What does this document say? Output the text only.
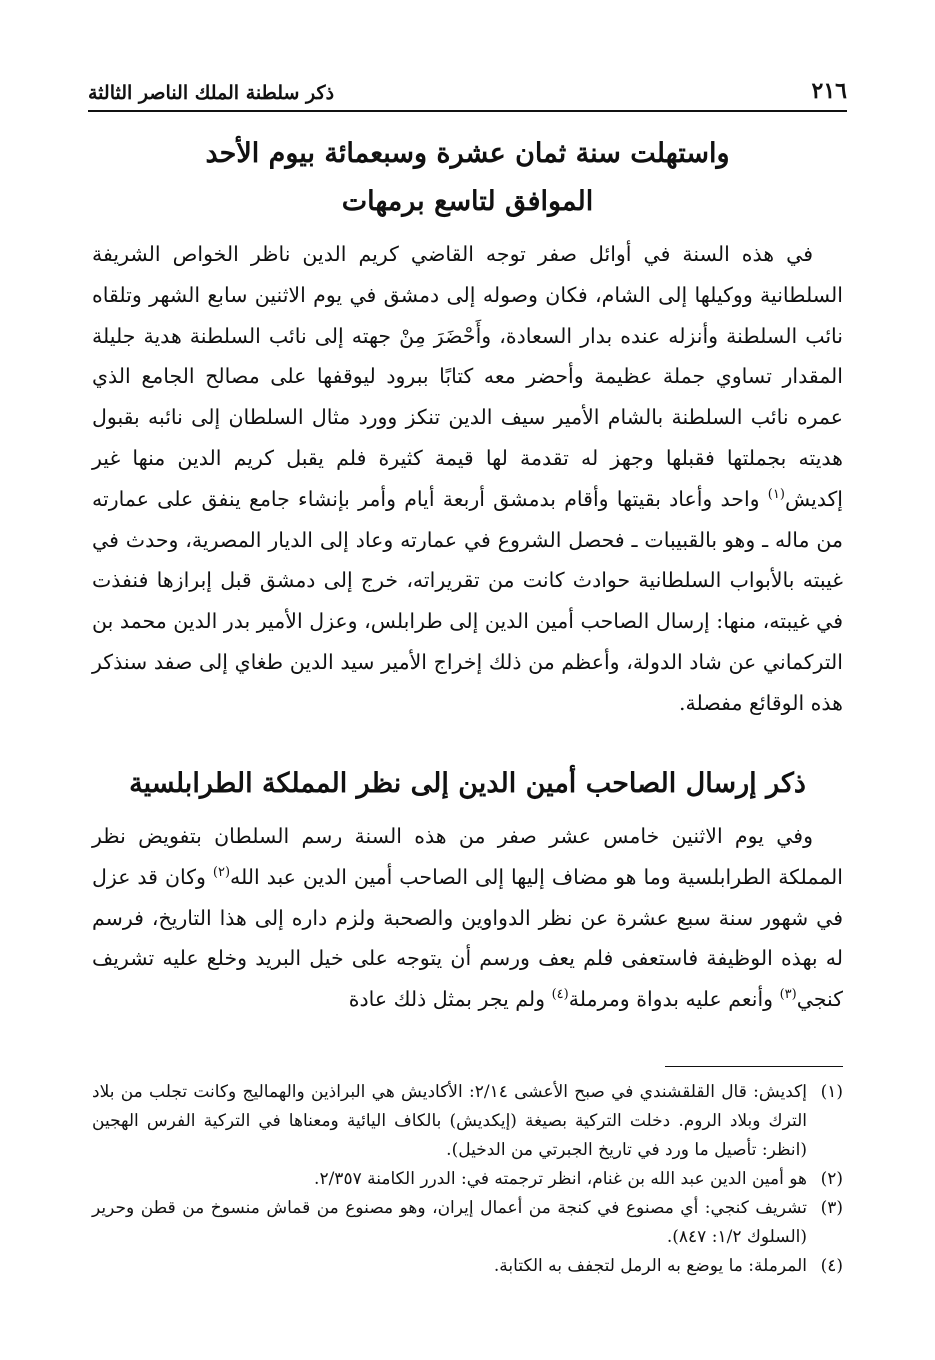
٢١٦
ذكر سلطنة الملك الناصر الثالثة
واستهلت سنة ثمان عشرة وسبعمائة بيوم الأحد
الموافق لتاسع برمهات

في هذه السنة في أوائل صفر توجه القاضي كريم الدين ناظر الخواص الشريفة السلطانية ووكيلها إلى الشام، فكان وصوله إلى دمشق في يوم الاثنين سابع الشهر وتلقاه نائب السلطنة وأنزله عنده بدار السعادة، وأَحْضَرَ مِنْ جهته إلى نائب السلطنة هدية جليلة المقدار تساوي جملة عظيمة وأحضر معه كتابًا ببرود ليوقفها على مصالح الجامع الذي عمره نائب السلطنة بالشام الأمير سيف الدين تنكز وورد مثال السلطان إلى نائبه بقبول هديته بجملتها فقبلها وجهز له تقدمة لها قيمة كثيرة فلم يقبل كريم الدين منها غير إكديش$^{(١)}$ واحد وأعاد بقيتها وأقام بدمشق أربعة أيام وأمر بإنشاء جامع ينفق على عمارته من ماله ـ وهو بالقبيبات ـ فحصل الشروع في عمارته وعاد إلى الديار المصرية، وحدث في غيبته بالأبواب السلطانية حوادث كانت من تقريراته، خرج إلى دمشق قبل إبرازها فنفذت في غيبته، منها: إرسال الصاحب أمين الدين إلى طرابلس، وعزل الأمير بدر الدين محمد بن التركماني عن شاد الدولة، وأعظم من ذلك إخراج الأمير سيد الدين طغاي إلى صفد سنذكر هذه الوقائع مفصلة.

ذكر إرسال الصاحب أمين الدين إلى نظر المملكة الطرابلسية

وفي يوم الاثنين خامس عشر صفر من هذه السنة رسم السلطان بتفويض نظر المملكة الطرابلسية وما هو مضاف إليها إلى الصاحب أمين الدين عبد الله$^{(٢)}$ وكان قد عزل في شهور سنة سبع عشرة عن نظر الدواوين والصحبة ولزم داره إلى هذا التاريخ، فرسم له بهذه الوظيفة فاستعفى فلم يعف ورسم أن يتوجه على خيل البريد وخلع عليه تشريف كنجي$^{(٣)}$ وأنعم عليه بدواة ومرملة$^{(٤)}$ ولم يجر بمثل ذلك عادة

(١)
إكديش: قال القلقشندي في صبح الأعشى ٢/١٤: الأكاديش هي البراذين والهماليج وكانت تجلب من بلاد الترك وبلاد الروم. دخلت التركية بصيغة (إيكديش) بالكاف اليائية ومعناها في التركية الفرس الهجين (انظر: تأصيل ما ورد في تاريخ الجبرتي من الدخيل).
(٢)
هو أمين الدين عبد الله بن غنام، انظر ترجمته في: الدرر الكامنة ٢/٣٥٧.
(٣)
تشريف كنجي: أي مصنوع في كنجة من أعمال إيران، وهو مصنوع من قماش منسوخ من قطن وحرير (السلوك ١/٢: ٨٤٧).
(٤)
المرملة: ما يوضع به الرمل لتجفف به الكتابة.
